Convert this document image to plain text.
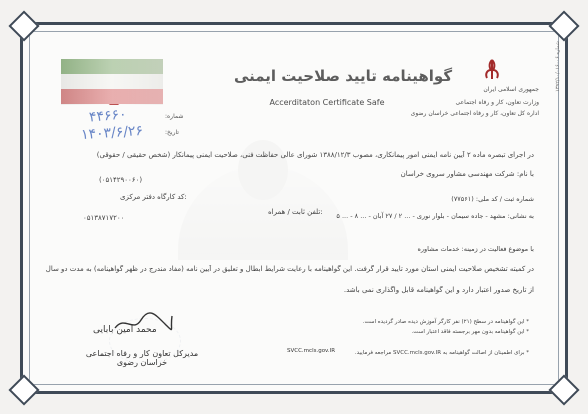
شماره ۱۳۹۲/۱۰/۰۱۶۰۰۶
جمهوری اسلامی ایران
وزارت تعاون، کار و رفاه اجتماعی
اداره کل تعاون، کار و رفاه اجتماعی خراسان رضوی
گواهینامه تایید صلاحیت ایمنی
Accerditaton Certificate Safe
شماره:
تاریخ:
۴۴۶۶۰
۱۴۰۳/۶/۲۶
در اجرای تبصره ماده ۲ آیین نامه ایمنی امور پیمانکاری، مصوب ۱۳۸۸/۱۲/۳ شورای عالی حفاظت فنی، صلاحیت ایمنی پیمانکار (شخص حقیقی / حقوقی)
با نام: شرکت مهندسی مشاور سروی خراسان
(۰۵۱۴۲۹۰۰۶۰)
شماره ثبت / کد ملی: (۷۷۵۶۱)
کد کارگاه دفتر مرکزی:
به نشانی: مشهد - جاده سیمان - بلوار نوری - ... ۲ / ۲۷ آبان - ... ۸ - ... ۵
تلفن ثابت / همراه:
۰۵۱۳۸۷۱۷۲۰۰
با موضوع فعالیت در زمینه: خدمات مشاوره
در کمیته تشخیص صلاحیت ایمنی استان مورد تایید قرار گرفت. این گواهینامه با رعایت شرایط ابطال و تعلیق در آیین نامه (مفاد مندرج در ظهر گواهینامه) به مدت دو سال
از تاریخ صدور اعتبار دارد و این گواهینامه قابل واگذاری نمی باشد.
* این گواهینامه در سطح (۲۱) نفر کارگر آموزش دیده صادر گردیده است.
* این گواهینامه بدون مهر برجسته فاقد اعتبار است.
* برای اطمینان از اصالت گواهینامه به SVCC.mcls.gov.IR مراجعه فرمایید.
SVCC.mcls.gov.IR
محمد امین بابایی
مدیرکل تعاون کار و رفاه اجتماعی خراسان رضوی
